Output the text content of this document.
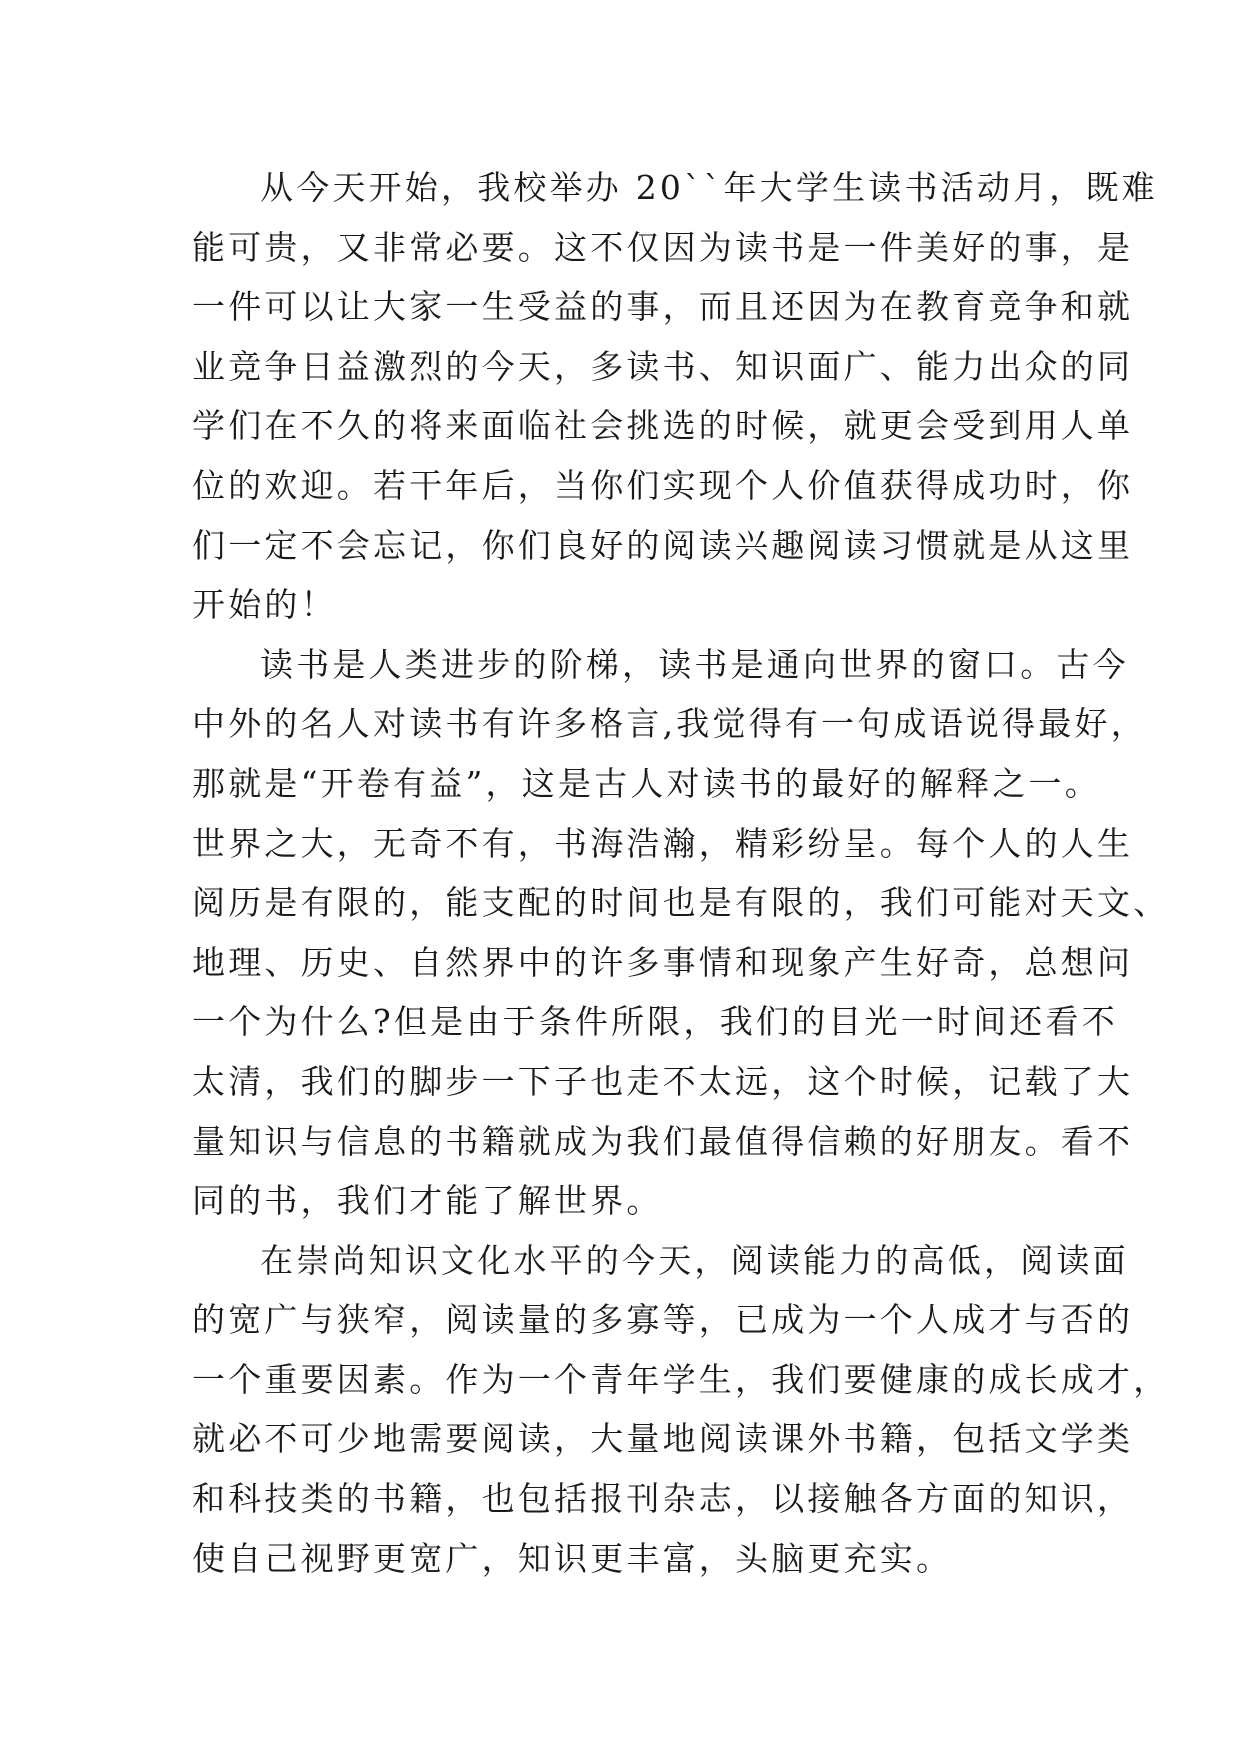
从今天开始，我校举办 20``年大学生读书活动月，既难
能可贵，又非常必要。这不仅因为读书是一件美好的事，是
一件可以让大家一生受益的事，而且还因为在教育竞争和就
业竞争日益激烈的今天，多读书、知识面广、能力出众的同
学们在不久的将来面临社会挑选的时候，就更会受到用人单
位的欢迎。若干年后，当你们实现个人价值获得成功时，你
们一定不会忘记，你们良好的阅读兴趣阅读习惯就是从这里
开始的！
读书是人类进步的阶梯，读书是通向世界的窗口。古今
中外的名人对读书有许多格言,我觉得有一句成语说得最好，
那就是“开卷有益”，这是古人对读书的最好的解释之一。
世界之大，无奇不有，书海浩瀚，精彩纷呈。每个人的人生
阅历是有限的，能支配的时间也是有限的，我们可能对天文、
地理、历史、自然界中的许多事情和现象产生好奇，总想问
一个为什么?但是由于条件所限，我们的目光一时间还看不
太清，我们的脚步一下子也走不太远，这个时候，记载了大
量知识与信息的书籍就成为我们最值得信赖的好朋友。看不
同的书，我们才能了解世界。
在崇尚知识文化水平的今天，阅读能力的高低，阅读面
的宽广与狭窄，阅读量的多寡等，已成为一个人成才与否的
一个重要因素。作为一个青年学生，我们要健康的成长成才，
就必不可少地需要阅读，大量地阅读课外书籍，包括文学类
和科技类的书籍，也包括报刊杂志，以接触各方面的知识，
使自己视野更宽广，知识更丰富，头脑更充实。
